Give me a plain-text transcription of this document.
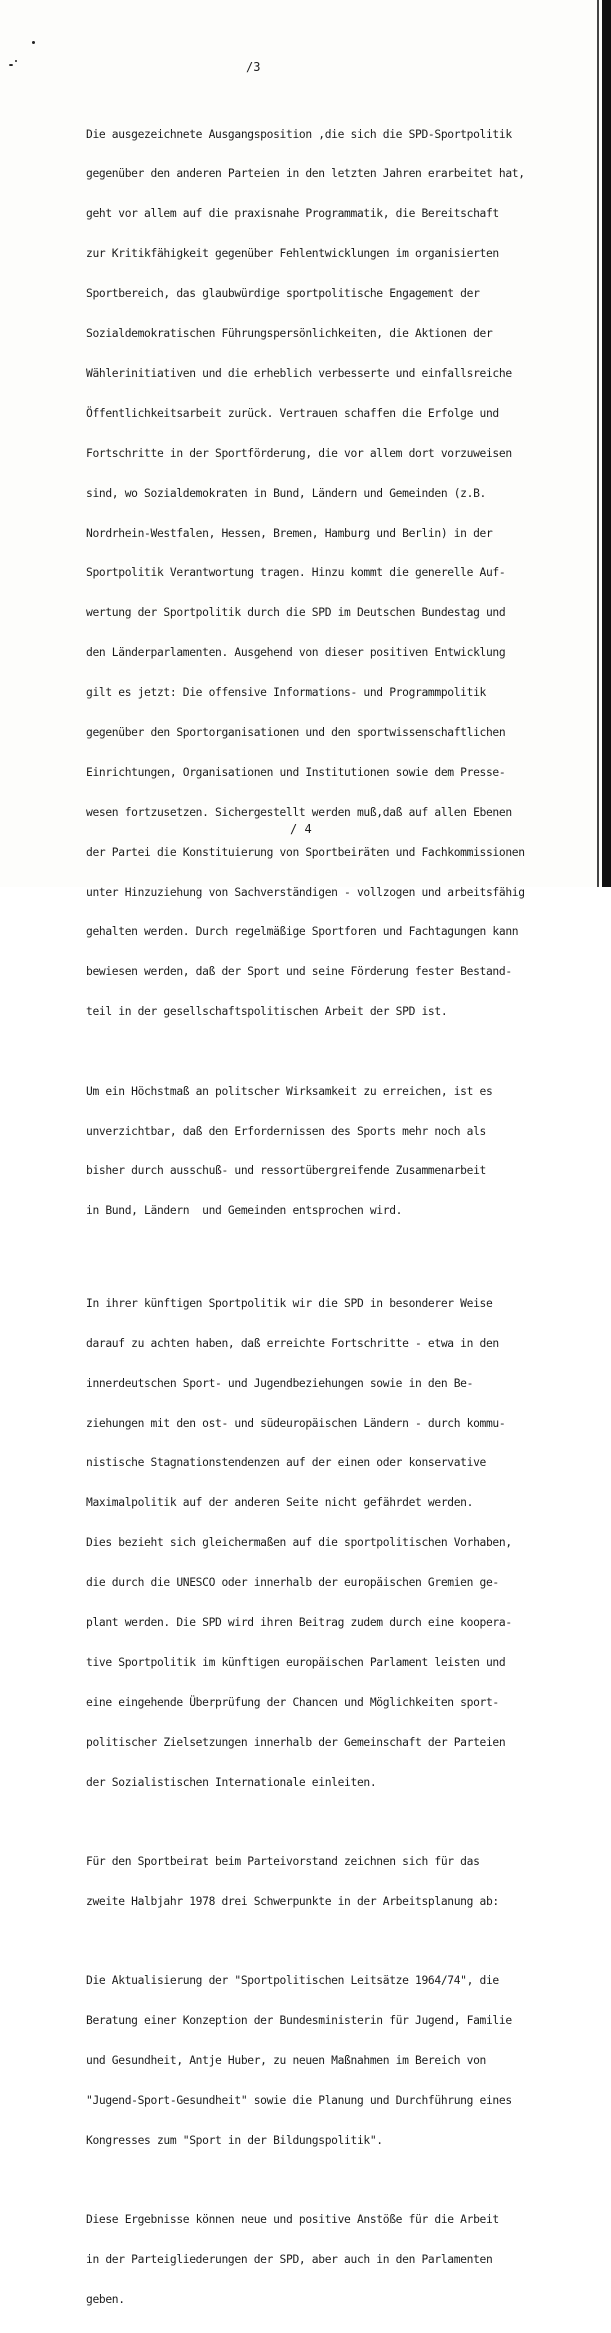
/3

Die ausgezeichnete Ausgangsposition ,die sich die SPD-Sportpolitik

gegenüber den anderen Parteien in den letzten Jahren erarbeitet hat,

geht vor allem auf die praxisnahe Programmatik, die Bereitschaft

zur Kritikfähigkeit gegenüber Fehlentwicklungen im organisierten

Sportbereich, das glaubwürdige sportpolitische Engagement der

Sozialdemokratischen Führungspersönlichkeiten, die Aktionen der

Wählerinitiativen und die erheblich verbesserte und einfallsreiche

Öffentlichkeitsarbeit zurück. Vertrauen schaffen die Erfolge und

Fortschritte in der Sportförderung, die vor allem dort vorzuweisen

sind, wo Sozialdemokraten in Bund, Ländern und Gemeinden (z.B.

Nordrhein-Westfalen, Hessen, Bremen, Hamburg und Berlin) in der

Sportpolitik Verantwortung tragen. Hinzu kommt die generelle Auf-

wertung der Sportpolitik durch die SPD im Deutschen Bundestag und

den Länderparlamenten. Ausgehend von dieser positiven Entwicklung

gilt es jetzt: Die offensive Informations- und Programmpolitik

gegenüber den Sportorganisationen und den sportwissenschaftlichen

Einrichtungen, Organisationen und Institutionen sowie dem Presse-

wesen fortzusetzen. Sichergestellt werden muß,daß auf allen Ebenen

der Partei die Konstituierung von Sportbeiräten und Fachkommissionen

unter Hinzuziehung von Sachverständigen - vollzogen und arbeitsfähig

gehalten werden. Durch regelmäßige Sportforen und Fachtagungen kann

bewiesen werden, daß der Sport und seine Förderung fester Bestand-

teil in der gesellschaftspolitischen Arbeit der SPD ist.

Um ein Höchstmaß an politscher Wirksamkeit zu erreichen, ist es

unverzichtbar, daß den Erfordernissen des Sports mehr noch als

bisher durch ausschuß- und ressortübergreifende Zusammenarbeit

in Bund, Ländern  und Gemeinden entsprochen wird.

In ihrer künftigen Sportpolitik wir die SPD in besonderer Weise

darauf zu achten haben, daß erreichte Fortschritte - etwa in den

innerdeutschen Sport- und Jugendbeziehungen sowie in den Be-

ziehungen mit den ost- und südeuropäischen Ländern - durch kommu-

nistische Stagnationstendenzen auf der einen oder konservative

Maximalpolitik auf der anderen Seite nicht gefährdet werden.

Dies bezieht sich gleichermaßen auf die sportpolitischen Vorhaben,

die durch die UNESCO oder innerhalb der europäischen Gremien ge-

plant werden. Die SPD wird ihren Beitrag zudem durch eine koopera-

tive Sportpolitik im künftigen europäischen Parlament leisten und

eine eingehende Überprüfung der Chancen und Möglichkeiten sport-

politischer Zielsetzungen innerhalb der Gemeinschaft der Parteien

der Sozialistischen Internationale einleiten.

Für den Sportbeirat beim Parteivorstand zeichnen sich für das

zweite Halbjahr 1978 drei Schwerpunkte in der Arbeitsplanung ab:

Die Aktualisierung der "Sportpolitischen Leitsätze 1964/74", die

Beratung einer Konzeption der Bundesministerin für Jugend, Familie

und Gesundheit, Antje Huber, zu neuen Maßnahmen im Bereich von

"Jugend-Sport-Gesundheit" sowie die Planung und Durchführung eines

Kongresses zum "Sport in der Bildungspolitik".

Diese Ergebnisse können neue und positive Anstöße für die Arbeit

in der Parteigliederungen der SPD, aber auch in den Parlamenten

geben.

/ 4
